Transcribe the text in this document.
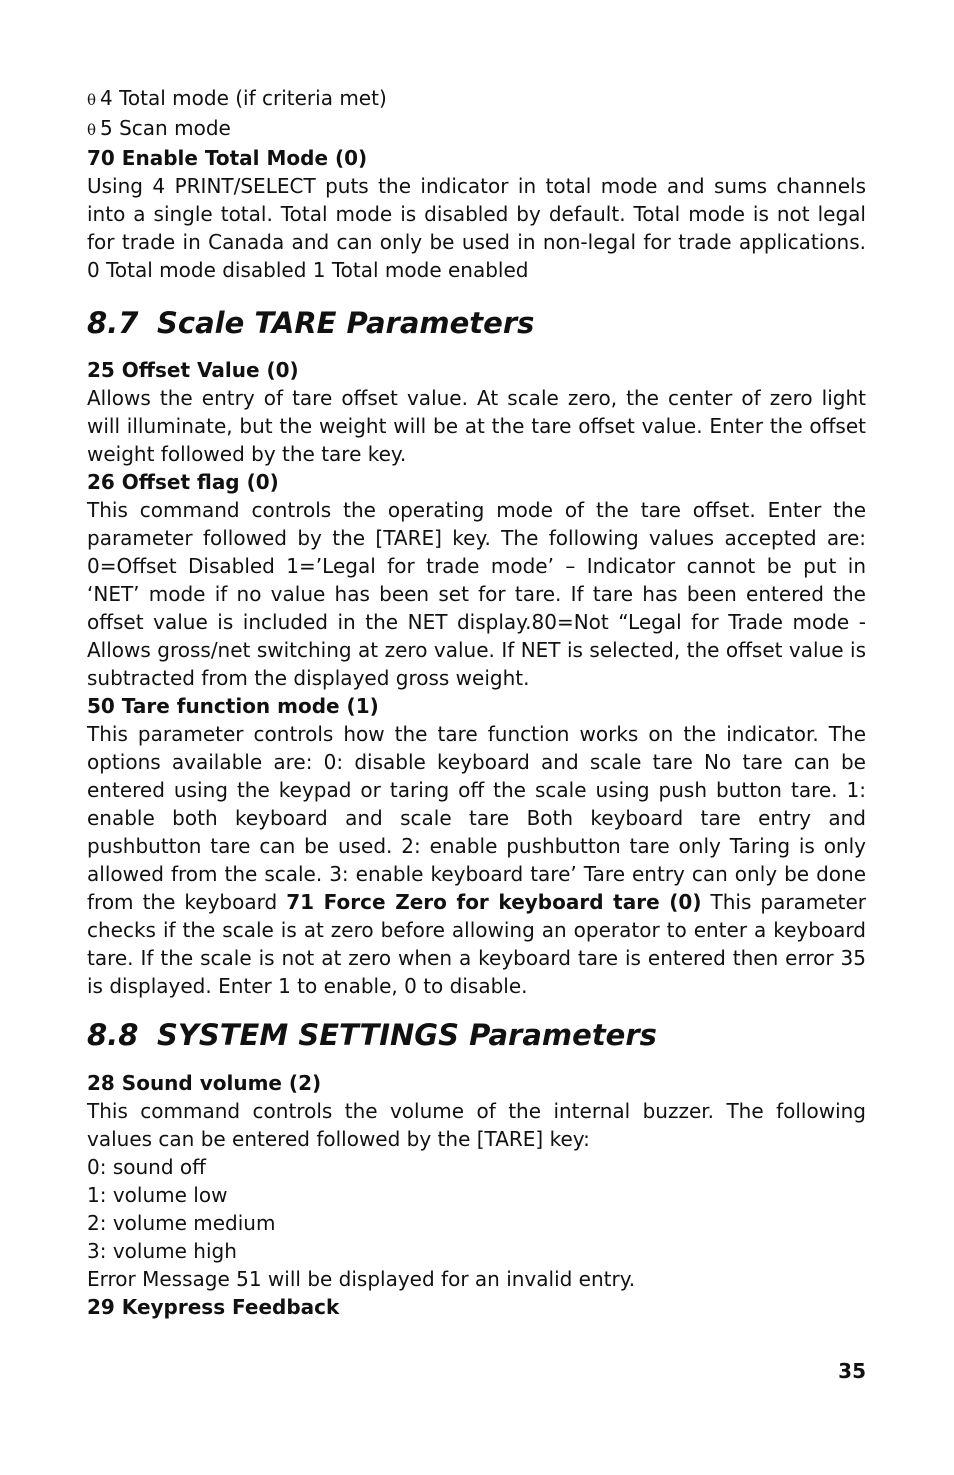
θ 4 Total mode (if criteria met)
θ 5 Scan mode
70 Enable Total Mode (0)

Using 4 PRINT/SELECT puts the indicator in total mode and sums channels into a single total. Total mode is disabled by default. Total mode is not legal for trade in Canada and can only be used in non-legal for trade applications. 0 Total mode disabled 1 Total mode enabled

8.7 Scale TARE Parameters
25 Offset Value (0)

Allows the entry of tare offset value. At scale zero, the center of zero light will illuminate, but the weight will be at the tare offset value. Enter the offset weight followed by the tare key.

26 Offset flag (0)

This command controls the operating mode of the tare offset. Enter the parameter followed by the [TARE] key. The following values accepted are: 0=Offset Disabled 1=’Legal for trade mode’ – Indicator cannot be put in ‘NET’ mode if no value has been set for tare. If tare has been entered the offset value is included in the NET display.80=Not “Legal for Trade mode - Allows gross/net switching at zero value. If NET is selected, the offset value is subtracted from the displayed gross weight.

50 Tare function mode (1)

This parameter controls how the tare function works on the indicator. The options available are: 0: disable keyboard and scale tare No tare can be entered using the keypad or taring off the scale using push button tare. 1: enable both keyboard and scale tare Both keyboard tare entry and pushbutton tare can be used. 2: enable pushbutton tare only Taring is only allowed from the scale. 3: enable keyboard tare’ Tare entry can only be done from the keyboard 71 Force Zero for keyboard tare (0) This parameter checks if the scale is at zero before allowing an operator to enter a keyboard tare. If the scale is not at zero when a keyboard tare is entered then error 35 is displayed. Enter 1 to enable, 0 to disable.

8.8 SYSTEM SETTINGS Parameters
28 Sound volume (2)

This command controls the volume of the internal buzzer. The following values can be entered followed by the [TARE] key:

0: sound off
1: volume low
2: volume medium
3: volume high
Error Message 51 will be displayed for an invalid entry.
29 Keypress Feedback
35
